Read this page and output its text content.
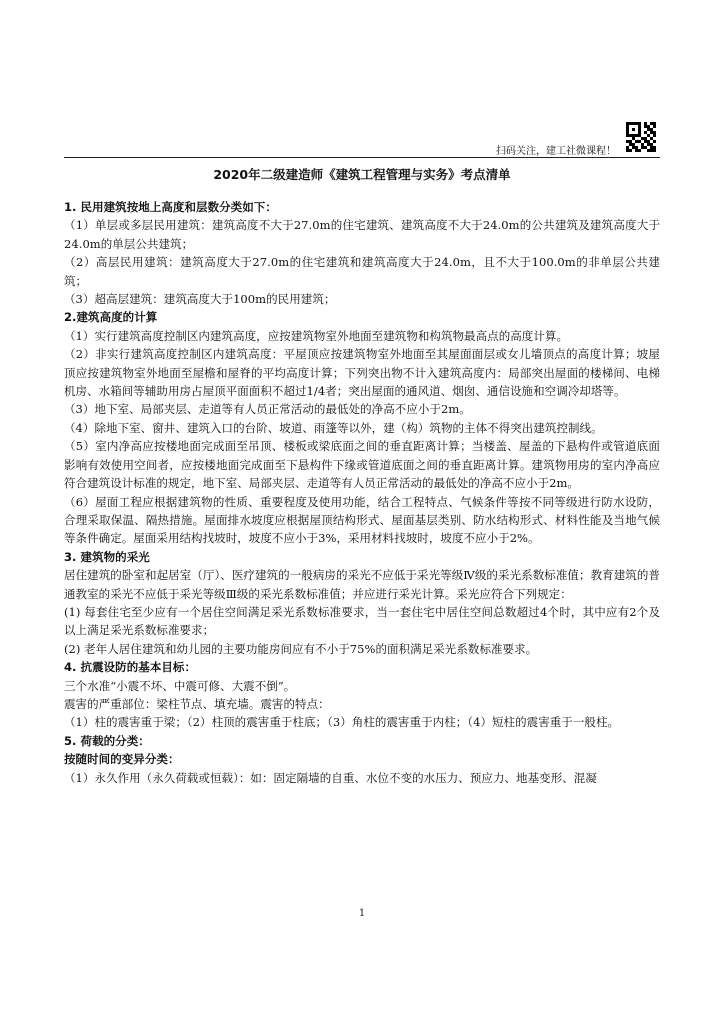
扫码关注，建工社微课程！
2020年二级建造师《建筑工程管理与实务》考点清单

1. 民用建筑按地上高度和层数分类如下：

（1）单层或多层民用建筑：建筑高度不大于27.0m的住宅建筑、建筑高度不大于24.0m的公共建筑及建筑高度大于24.0m的单层公共建筑；

（2）高层民用建筑：建筑高度大于27.0m的住宅建筑和建筑高度大于24.0m，且不大于100.0m的非单层公共建筑；

（3）超高层建筑：建筑高度大于100m的民用建筑；

2.建筑高度的计算

（1）实行建筑高度控制区内建筑高度，应按建筑物室外地面至建筑物和构筑物最高点的高度计算。

（2）非实行建筑高度控制区内建筑高度：平屋顶应按建筑物室外地面至其屋面面层或女儿墙顶点的高度计算；坡屋顶应按建筑物室外地面至屋檐和屋脊的平均高度计算；下列突出物不计入建筑高度内：局部突出屋面的楼梯间、电梯机房、水箱间等辅助用房占屋顶平面面积不超过1/4者；突出屋面的通风道、烟囱、通信设施和空调冷却塔等。

（3）地下室、局部夹层、走道等有人员正常活动的最低处的净高不应小于2m。

（4）除地下室、窗井、建筑入口的台阶、坡道、雨篷等以外，建（构）筑物的主体不得突出建筑控制线。

（5）室内净高应按楼地面完成面至吊顶、楼板或梁底面之间的垂直距离计算；当楼盖、屋盖的下悬构件或管道底面影响有效使用空间者，应按楼地面完成面至下悬构件下缘或管道底面之间的垂直距离计算。建筑物用房的室内净高应符合建筑设计标准的规定，地下室、局部夹层、走道等有人员正常活动的最低处的净高不应小于2m。

（6）屋面工程应根据建筑物的性质、重要程度及使用功能，结合工程特点、气候条件等按不同等级进行防水设防，合理采取保温、隔热措施。屋面排水坡度应根据屋顶结构形式、屋面基层类别、防水结构形式、材料性能及当地气候等条件确定。屋面采用结构找坡时，坡度不应小于3%，采用材料找坡时，坡度不应小于2%。

3. 建筑物的采光

居住建筑的卧室和起居室（厅）、医疗建筑的一般病房的采光不应低于采光等级Ⅳ级的采光系数标准值；教育建筑的普通教室的采光不应低于采光等级Ⅲ级的采光系数标准值；并应进行采光计算。采光应符合下列规定：

(1) 每套住宅至少应有一个居住空间满足采光系数标准要求，当一套住宅中居住空间总数超过4个时，其中应有2个及以上满足采光系数标准要求；

(2) 老年人居住建筑和幼儿园的主要功能房间应有不小于75%的面积满足采光系数标准要求。

4. 抗震设防的基本目标：

三个水准“小震不坏、中震可修、大震不倒”。

震害的严重部位：梁柱节点、填充墙。震害的特点：

（1）柱的震害重于梁；（2）柱顶的震害重于柱底；（3）角柱的震害重于内柱；（4）短柱的震害重于一般柱。

5. 荷载的分类：

按随时间的变异分类：

（1）永久作用（永久荷载或恒载）：如：固定隔墙的自重、水位不变的水压力、预应力、地基变形、混凝

1
